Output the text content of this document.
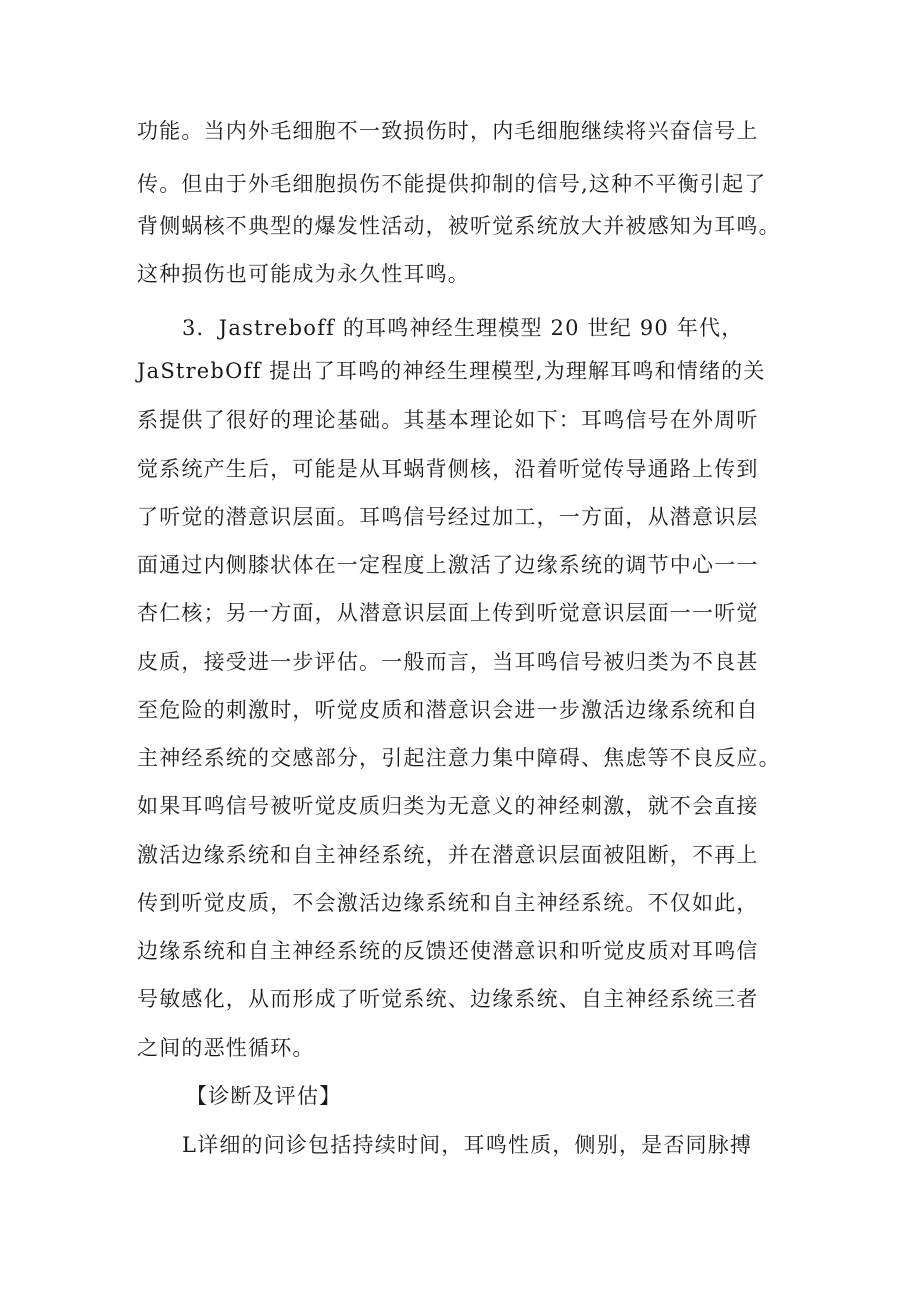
功能。当内外毛细胞不一致损伤时，内毛细胞继续将兴奋信号上
传。但由于外毛细胞损伤不能提供抑制的信号,这种不平衡引起了
背侧蜗核不典型的爆发性活动，被听觉系统放大并被感知为耳鸣。
这种损伤也可能成为永久性耳鸣。
3．Jastreboff 的耳鸣神经生理模型 20 世纪 90 年代，
JaStrebOff 提出了耳鸣的神经生理模型,为理解耳鸣和情绪的关
系提供了很好的理论基础。其基本理论如下：耳鸣信号在外周听
觉系统产生后，可能是从耳蜗背侧核，沿着听觉传导通路上传到
了听觉的潜意识层面。耳鸣信号经过加工，一方面，从潜意识层
面通过内侧膝状体在一定程度上激活了边缘系统的调节中心一一
杏仁核；另一方面，从潜意识层面上传到听觉意识层面一一听觉
皮质，接受进一步评估。一般而言，当耳鸣信号被归类为不良甚
至危险的刺激时，听觉皮质和潜意识会进一步激活边缘系统和自
主神经系统的交感部分，引起注意力集中障碍、焦虑等不良反应。
如果耳鸣信号被听觉皮质归类为无意义的神经刺激，就不会直接
激活边缘系统和自主神经系统，并在潜意识层面被阻断，不再上
传到听觉皮质，不会激活边缘系统和自主神经系统。不仅如此，
边缘系统和自主神经系统的反馈还使潜意识和听觉皮质对耳鸣信
号敏感化，从而形成了听觉系统、边缘系统、自主神经系统三者
之间的恶性循环。
【诊断及评估】
L详细的问诊包括持续时间，耳鸣性质，侧别，是否同脉搏
